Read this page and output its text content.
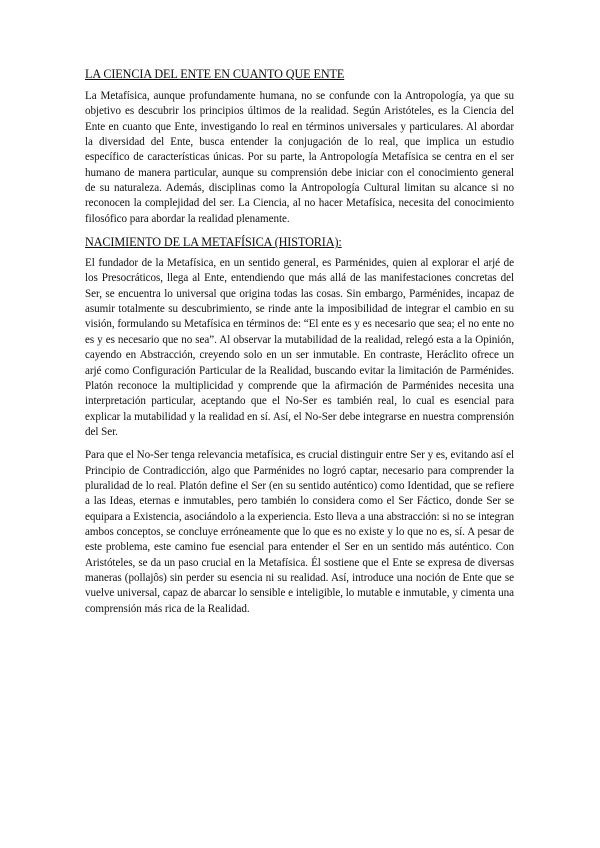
LA CIENCIA DEL ENTE EN CUANTO QUE ENTE

La Metafísica, aunque profundamente humana, no se confunde con la Antropología, ya que su objetivo es descubrir los principios últimos de la realidad. Según Aristóteles, es la Ciencia del Ente en cuanto que Ente, investigando lo real en términos universales y particulares. Al abordar la diversidad del Ente, busca entender la conjugación de lo real, que implica un estudio específico de características únicas. Por su parte, la Antropología Metafísica se centra en el ser humano de manera particular, aunque su comprensión debe iniciar con el conocimiento general de su naturaleza. Además, disciplinas como la Antropología Cultural limitan su alcance si no reconocen la complejidad del ser. La Ciencia, al no hacer Metafísica, necesita del conocimiento filosófico para abordar la realidad plenamente.

NACIMIENTO DE LA METAFÍSICA (HISTORIA):

El fundador de la Metafísica, en un sentido general, es Parménides, quien al explorar el arjé de los Presocráticos, llega al Ente, entendiendo que más allá de las manifestaciones concretas del Ser, se encuentra lo universal que origina todas las cosas. Sin embargo, Parménides, incapaz de asumir totalmente su descubrimiento, se rinde ante la imposibilidad de integrar el cambio en su visión, formulando su Metafísica en términos de: “El ente es y es necesario que sea; el no ente no es y es necesario que no sea”. Al observar la mutabilidad de la realidad, relegó esta a la Opinión, cayendo en Abstracción, creyendo solo en un ser inmutable. En contraste, Heráclito ofrece un arjé como Configuración Particular de la Realidad, buscando evitar la limitación de Parménides. Platón reconoce la multiplicidad y comprende que la afirmación de Parménides necesita una interpretación particular, aceptando que el No-Ser es también real, lo cual es esencial para explicar la mutabilidad y la realidad en sí. Así, el No-Ser debe integrarse en nuestra comprensión del Ser.

Para que el No-Ser tenga relevancia metafísica, es crucial distinguir entre Ser y es, evitando así el Principio de Contradicción, algo que Parménides no logró captar, necesario para comprender la pluralidad de lo real. Platón define el Ser (en su sentido auténtico) como Identidad, que se refiere a las Ideas, eternas e inmutables, pero también lo considera como el Ser Fáctico, donde Ser se equipara a Existencia, asociándolo a la experiencia. Esto lleva a una abstracción: si no se integran ambos conceptos, se concluye erróneamente que lo que es no existe y lo que no es, sí. A pesar de este problema, este camino fue esencial para entender el Ser en un sentido más auténtico. Con Aristóteles, se da un paso crucial en la Metafísica. Él sostiene que el Ente se expresa de diversas maneras (pollajôs) sin perder su esencia ni su realidad. Así, introduce una noción de Ente que se vuelve universal, capaz de abarcar lo sensible e inteligible, lo mutable e inmutable, y cimenta una comprensión más rica de la Realidad.
